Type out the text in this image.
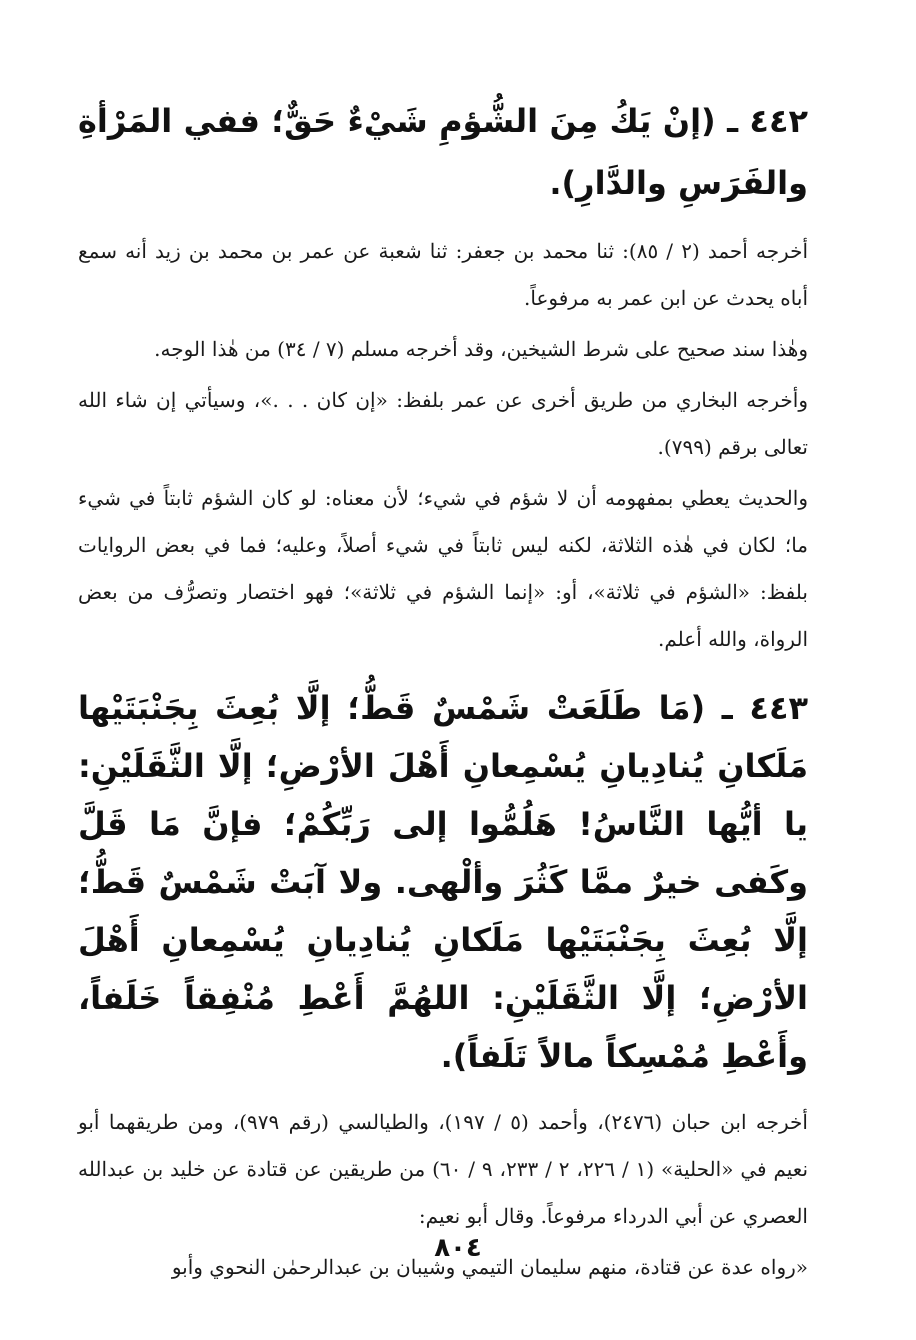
٤٤٢ ـ (إنْ يَكُ مِنَ الشُّؤمِ شَيْءٌ حَقٌّ؛ ففي المَرْأةِ والفَرَسِ والدَّارِ).

أخرجه أحمد (٢ / ٨٥): ثنا محمد بن جعفر: ثنا شعبة عن عمر بن محمد بن زيد أنه سمع أباه يحدث عن ابن عمر به مرفوعاً.

وهٰذا سند صحيح على شرط الشيخين، وقد أخرجه مسلم (٧ / ٣٤) من هٰذا الوجه.

وأخرجه البخاري من طريق أخرى عن عمر بلفظ: «إن كان . . .»، وسيأتي إن شاء الله تعالى برقم (٧٩٩).

والحديث يعطي بمفهومه أن لا شؤم في شيء؛ لأن معناه: لو كان الشؤم ثابتاً في شيء ما؛ لكان في هٰذه الثلاثة، لكنه ليس ثابتاً في شيء أصلاً، وعليه؛ فما في بعض الروايات بلفظ: «الشؤم في ثلاثة»، أو: «إنما الشؤم في ثلاثة»؛ فهو اختصار وتصرُّف من بعض الرواة، والله أعلم.

٤٤٣ ـ (مَا طَلَعَتْ شَمْسٌ قَطُّ؛ إلَّا بُعِثَ بِجَنْبَتَيْها مَلَكانِ يُنادِيانِ يُسْمِعانِ أَهْلَ الأرْضِ؛ إلَّا الثَّقَلَيْنِ: يا أيُّها النَّاسُ! هَلُمُّوا إلى رَبِّكُمْ؛ فإنَّ مَا قَلَّ وكَفى خيرٌ ممَّا كَثُرَ وألْهى. ولا آبَتْ شَمْسٌ قَطُّ؛ إلَّا بُعِثَ بِجَنْبَتَيْها مَلَكانِ يُنادِيانِ يُسْمِعانِ أَهْلَ الأرْضِ؛ إلَّا الثَّقَلَيْنِ: اللهُمَّ أَعْطِ مُنْفِقاً خَلَفاً، وأَعْطِ مُمْسِكاً مالاً تَلَفاً).

أخرجه ابن حبان (٢٤٧٦)، وأحمد (٥ / ١٩٧)، والطيالسي (رقم ٩٧٩)، ومن طريقهما أبو نعيم في «الحلية» (١ / ٢٢٦، ٢ / ٢٣٣، ٩ / ٦٠) من طريقين عن قتادة عن خليد بن عبدالله العصري عن أبي الدرداء مرفوعاً. وقال أبو نعيم:

«رواه عدة عن قتادة، منهم سليمان التيمي وشيبان بن عبدالرحمٰن النحوي وأبو

٨٠٤
